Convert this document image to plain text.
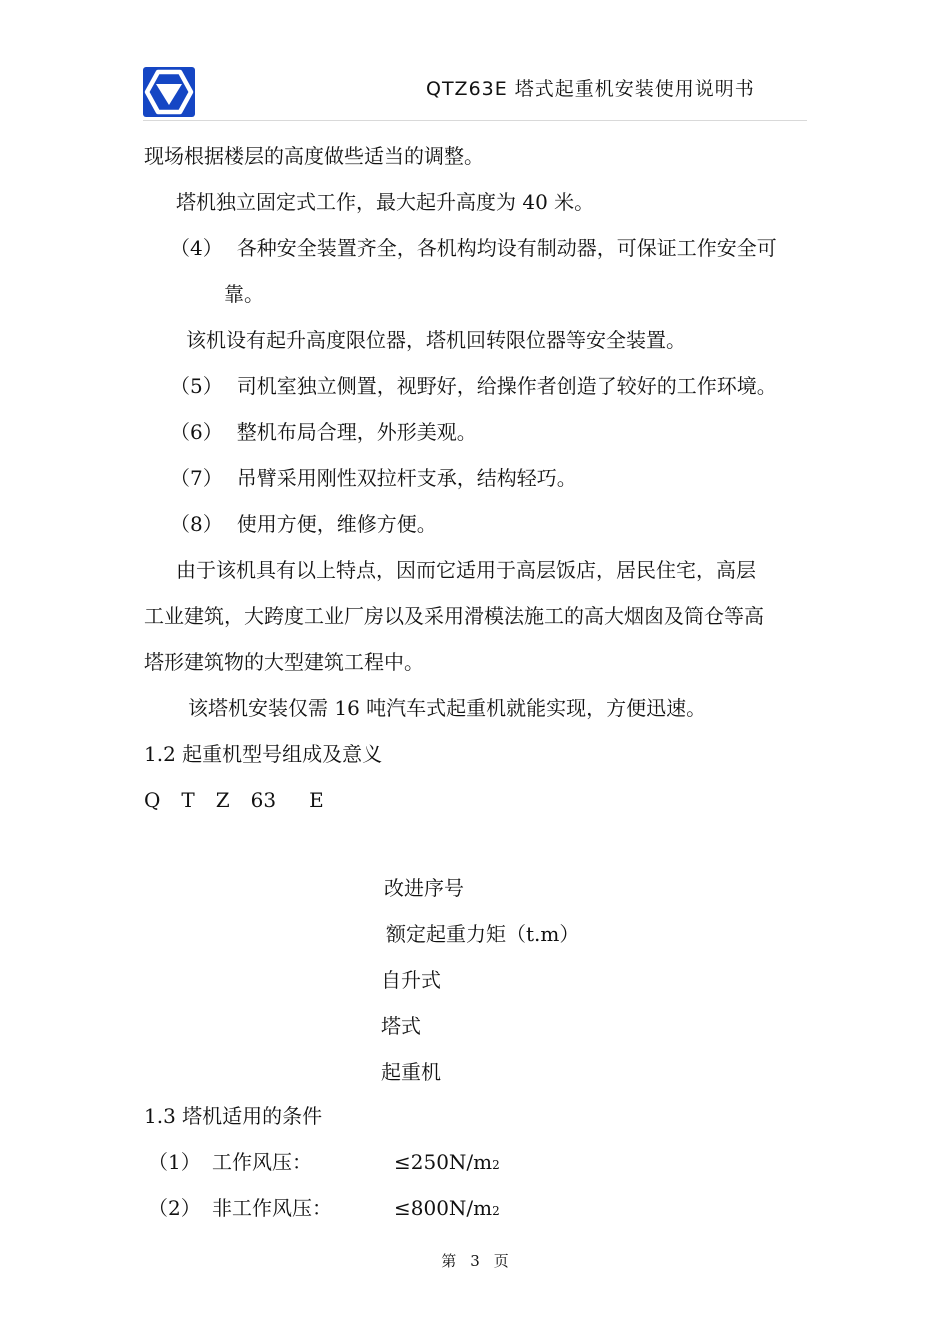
QTZ63E 塔式起重机安装使用说明书
现场根据楼层的高度做些适当的调整。
塔机独立固定式工作，最大起升高度为 40 米。
（4） 各种安全装置齐全，各机构均设有制动器，可保证工作安全可
靠。
该机设有起升高度限位器，塔机回转限位器等安全装置。
（5） 司机室独立侧置，视野好，给操作者创造了较好的工作环境。
（6） 整机布局合理，外形美观。
（7） 吊臂采用刚性双拉杆支承，结构轻巧。
（8） 使用方便，维修方便。
由于该机具有以上特点，因而它适用于高层饭店，居民住宅，高层
工业建筑，大跨度工业厂房以及采用滑模法施工的高大烟囱及筒仓等高
塔形建筑物的大型建筑工程中。
该塔机安装仅需 16 吨汽车式起重机就能实现，方便迅速。
1.2 起重机型号组成及意义
Q T Z 63 E
改进序号
额定起重力矩（t.m）
自升式
塔式
起重机
1.3 塔机适用的条件
（1） 工作风压：	≤250N/m2
（2） 非工作风压：	≤800N/m2
第 3 页
